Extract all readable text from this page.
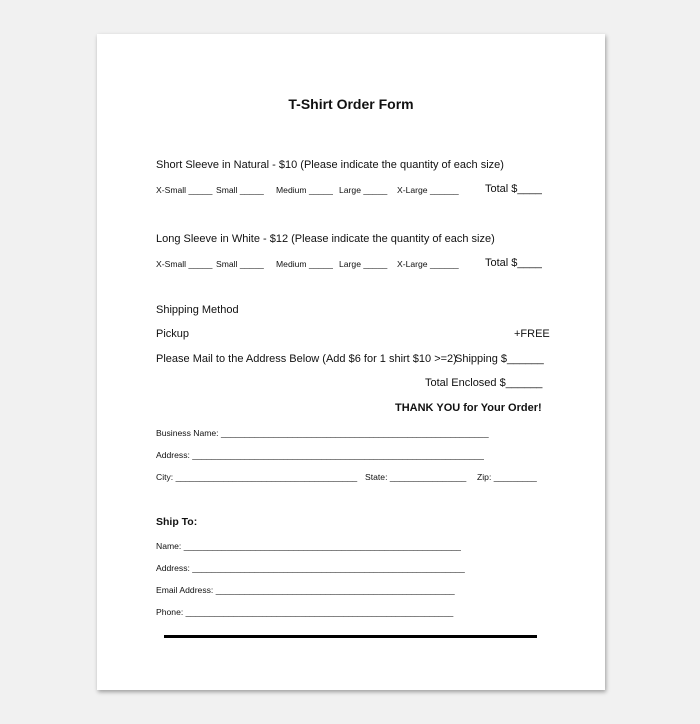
T-Shirt Order Form
Short Sleeve in Natural - $10 (Please indicate the quantity of each size)
X-Small _____ Small _____ Medium _____ Large _____ X-Large ______ Total $____
Long Sleeve in White - $12 (Please indicate the quantity of each size)
X-Small _____ Small _____ Medium _____ Large _____ X-Large ______ Total $____
Shipping Method
Pickup	+FREE
Please Mail to the Address Below (Add $6 for 1 shirt $10 >=2)
Shipping $______
Total Enclosed $______
THANK YOU for Your Order!
Business Name: ________________________________________________________
Address: _____________________________________________________________
City: ______________________________________ State: ________________ Zip: _________
Ship To:
Name: __________________________________________________________
Address: _________________________________________________________
Email Address: __________________________________________________
Phone: ________________________________________________________
